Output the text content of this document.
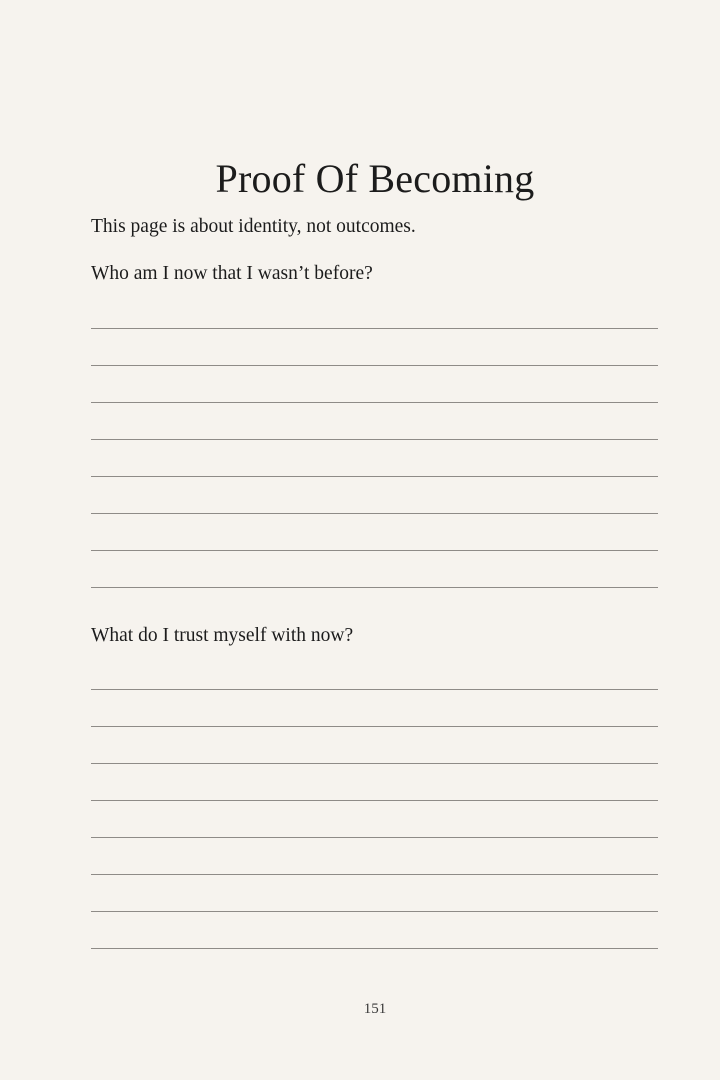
Proof Of Becoming
This page is about identity, not outcomes.
Who am I now that I wasn’t before?
What do I trust myself with now?
151
